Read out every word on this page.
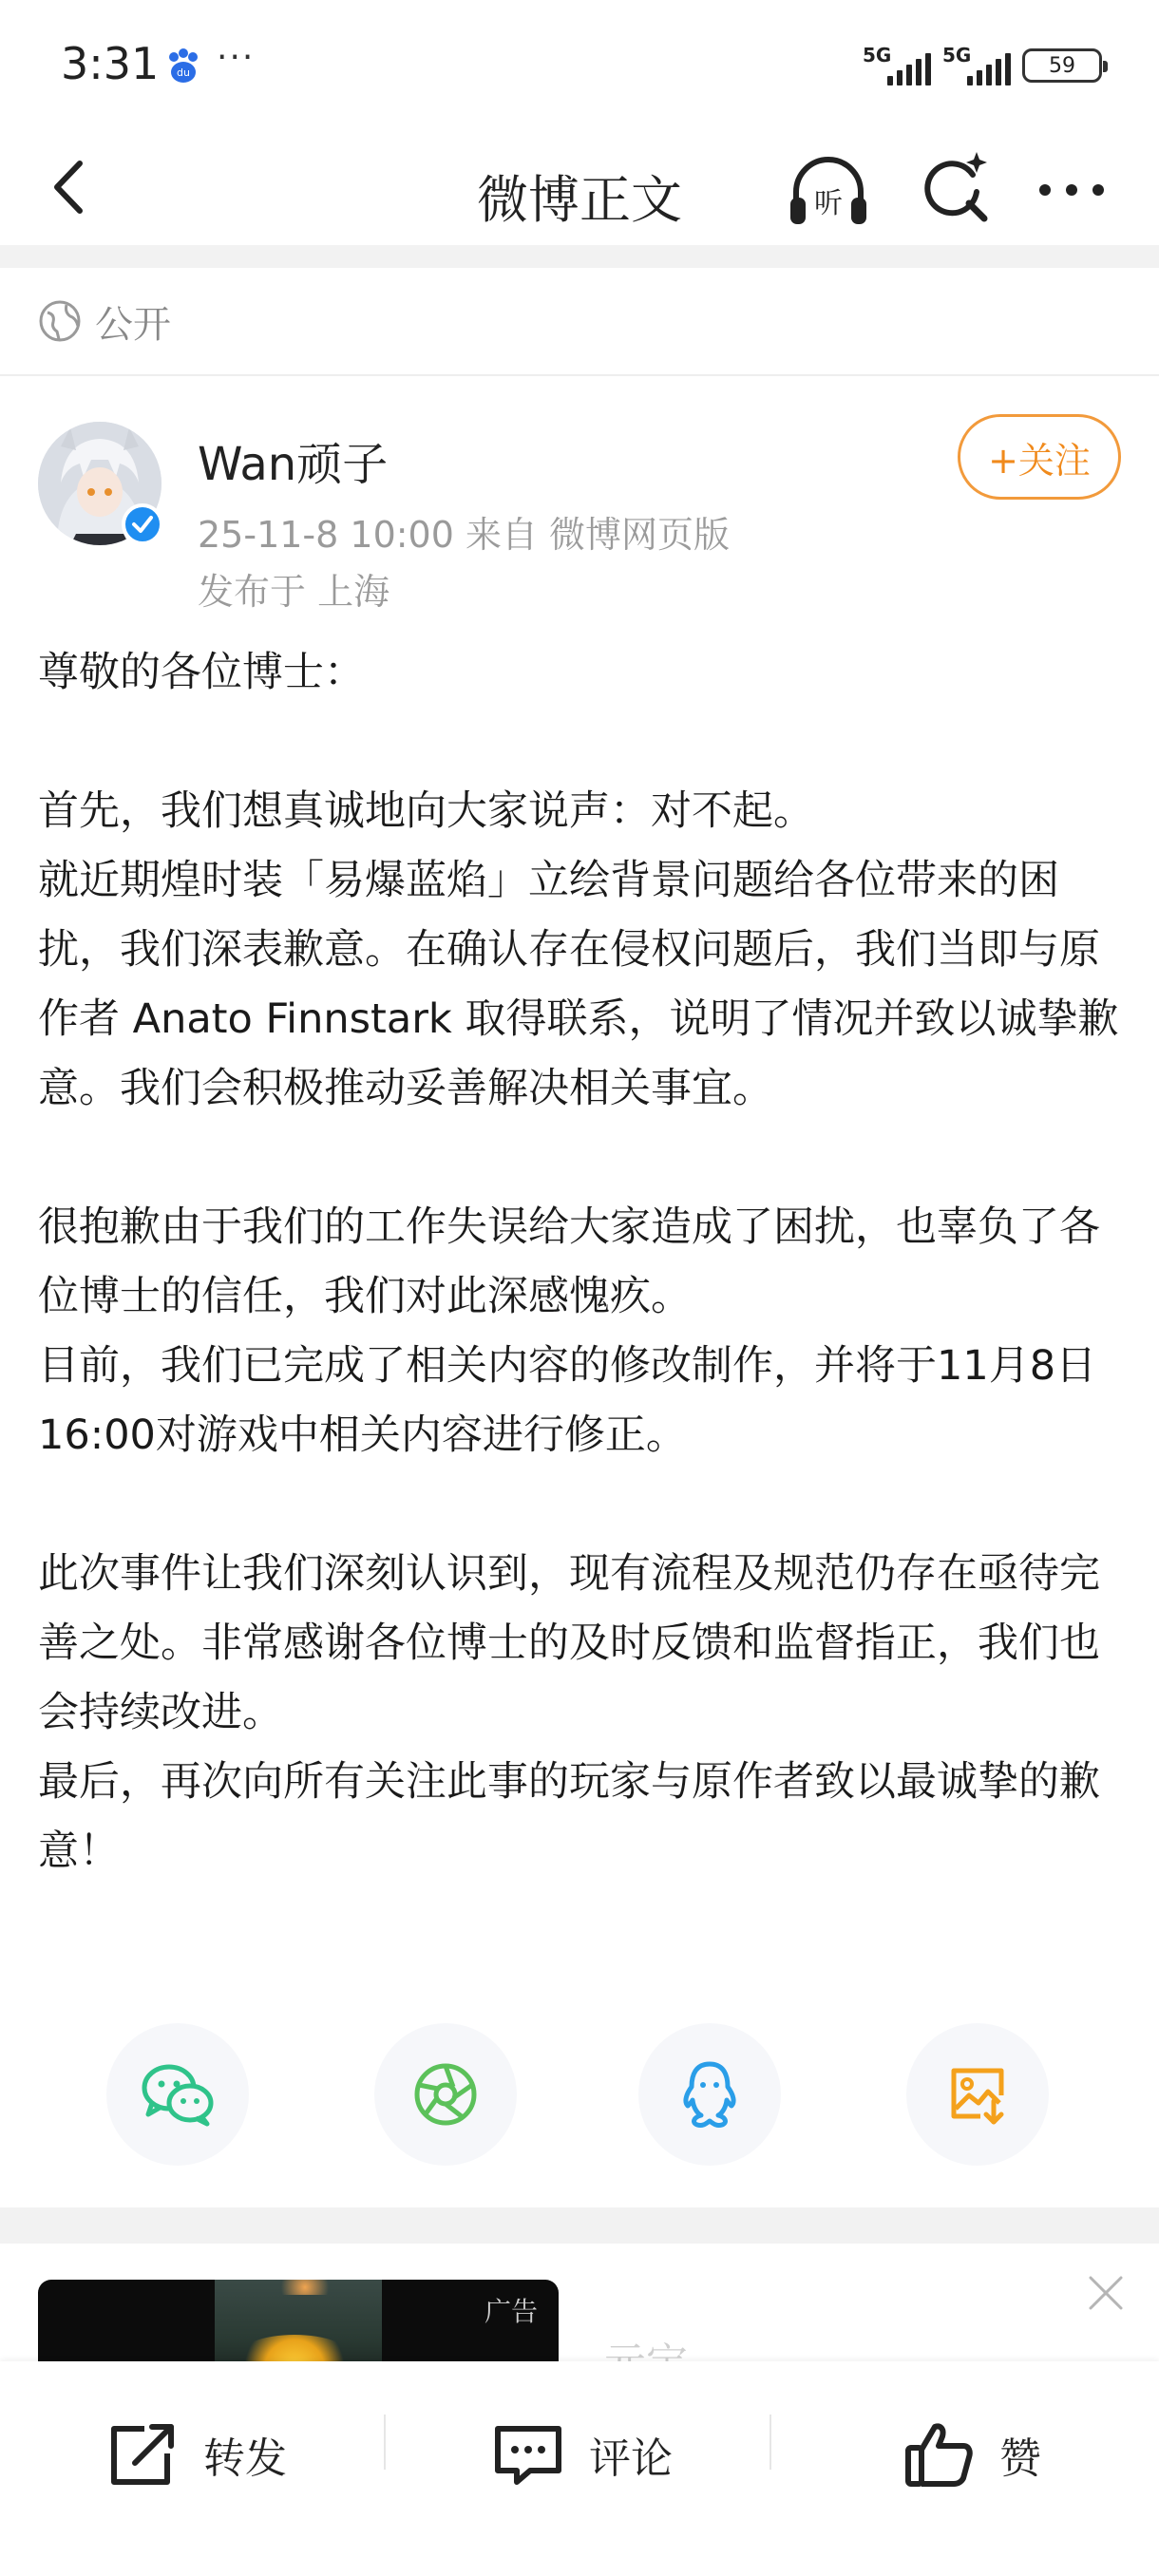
3:31 du ···	5G	5G	59
微博正文	听
公开
Wan顽子
25-11-8 10:00 来自 微博网页版
发布于 上海
+关注

尊敬的各位博士：

首先，我们想真诚地向大家说声：对不起。

就近期煌时装「易爆蓝焰」立绘背景问题给各位带来的困扰，我们深表歉意。在确认存在侵权问题后，我们当即与原作者 Anato Finnstark 取得联系，说明了情况并致以诚挚歉意。我们会积极推动妥善解决相关事宜。

很抱歉由于我们的工作失误给大家造成了困扰，也辜负了各位博士的信任，我们对此深感愧疚。

目前，我们已完成了相关内容的修改制作，并将于11月8日16:00对游戏中相关内容进行修正。

此次事件让我们深刻认识到，现有流程及规范仍存在亟待完善之处。非常感谢各位博士的及时反馈和监督指正，我们也会持续改进。

最后，再次向所有关注此事的玩家与原作者致以最诚挚的歉意！

广告
转发	评论	赞
